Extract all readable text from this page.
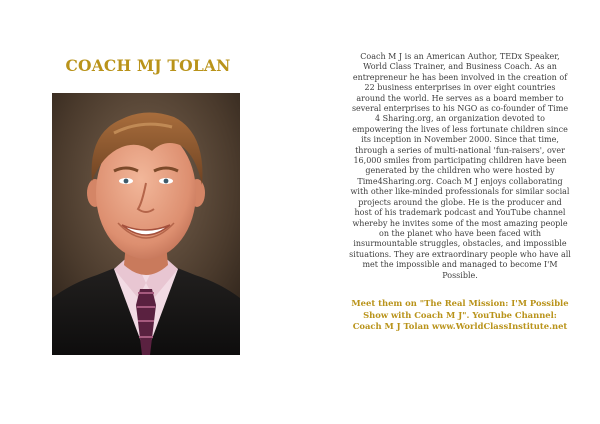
COACH MJ TOLAN	Coach M J is an American Author, TEDx Speaker, World Class Trainer, and Business Coach. As an entrepreneur he has been involved in the creation of 22 business enterprises in over eight countries around the world. He serves as a board member to several enterprises to his NGO as co-founder of Time 4 Sharing.org, an organization devoted to empowering the lives of less fortunate children since its inception in November 2000. Since that time, through a series of multi-national 'fun-raisers', over 16,000 smiles from participating children have been generated by the children who were hosted by Time4Sharing.org. Coach M J enjoys collaborating with other like-minded professionals for similar social projects around the globe. He is the producer and host of his trademark podcast and YouTube channel whereby he invites some of the most amazing people on the planet who have been faced with insurmountable struggles, obstacles, and impossible situations. They are extraordinary people who have all met the impossible and managed to become I'M Possible.

Meet them on "The Real Mission: I'M Possible Show with Coach M J". YouTube Channel: Coach M J Tolan www.WorldClassInstitute.net
